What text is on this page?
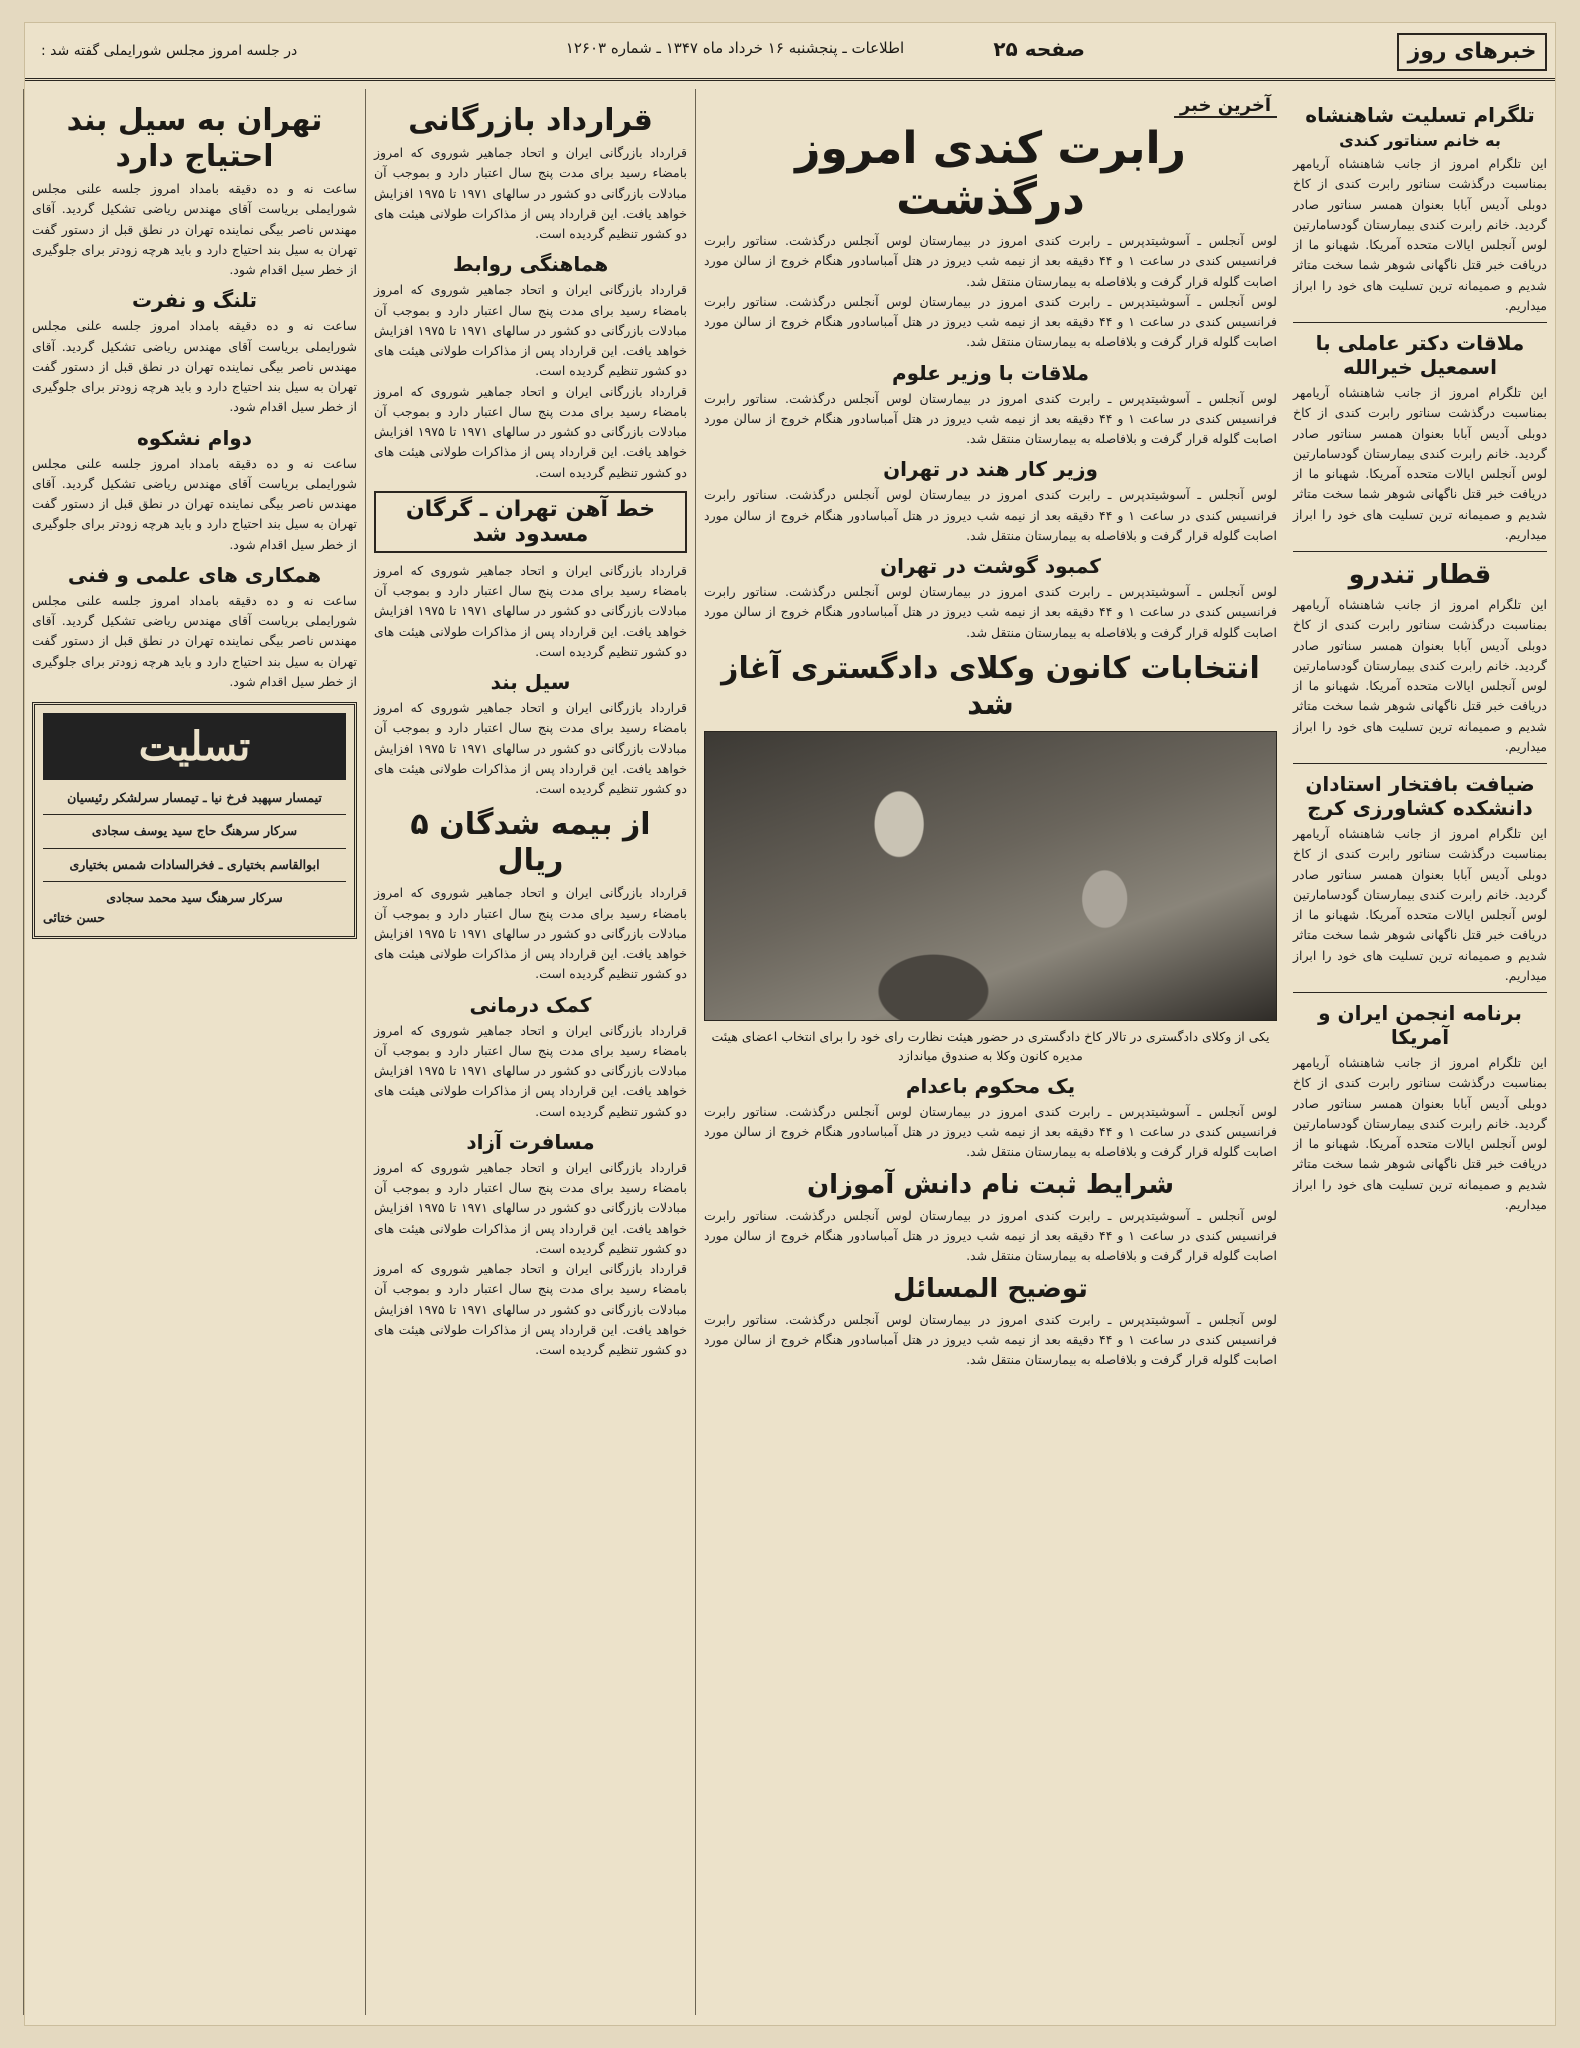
خبرهای روز
صفحه ۲۵
اطلاعات ـ پنجشنبه ۱۶ خرداد ماه ۱۳۴۷ ـ شماره ۱۲۶۰۳
در جلسه امروز مجلس شورایملی گفته شد :
تلگرام تسلیت شاهنشاه
به خانم سناتور کندی

این تلگرام امروز از جانب شاهنشاه آریامهر بمناسبت درگذشت سناتور رابرت کندی از کاخ دوبلی آدیس آبابا بعنوان همسر سناتور صادر گردید. خانم رابرت کندی بیمارستان گودسامارتین لوس آنجلس ایالات متحده آمریکا. شهبانو ما از دریافت خبر قتل ناگهانی شوهر شما سخت متاثر شدیم و صمیمانه ترین تسلیت های خود را ابراز میداریم.

ملاقات دکتر عاملی با اسمعیل خیرالله

این تلگرام امروز از جانب شاهنشاه آریامهر بمناسبت درگذشت سناتور رابرت کندی از کاخ دوبلی آدیس آبابا بعنوان همسر سناتور صادر گردید. خانم رابرت کندی بیمارستان گودسامارتین لوس آنجلس ایالات متحده آمریکا. شهبانو ما از دریافت خبر قتل ناگهانی شوهر شما سخت متاثر شدیم و صمیمانه ترین تسلیت های خود را ابراز میداریم.

قطار تندرو

این تلگرام امروز از جانب شاهنشاه آریامهر بمناسبت درگذشت سناتور رابرت کندی از کاخ دوبلی آدیس آبابا بعنوان همسر سناتور صادر گردید. خانم رابرت کندی بیمارستان گودسامارتین لوس آنجلس ایالات متحده آمریکا. شهبانو ما از دریافت خبر قتل ناگهانی شوهر شما سخت متاثر شدیم و صمیمانه ترین تسلیت های خود را ابراز میداریم.

ضیافت بافتخار استادان دانشکده کشاورزی کرج

این تلگرام امروز از جانب شاهنشاه آریامهر بمناسبت درگذشت سناتور رابرت کندی از کاخ دوبلی آدیس آبابا بعنوان همسر سناتور صادر گردید. خانم رابرت کندی بیمارستان گودسامارتین لوس آنجلس ایالات متحده آمریکا. شهبانو ما از دریافت خبر قتل ناگهانی شوهر شما سخت متاثر شدیم و صمیمانه ترین تسلیت های خود را ابراز میداریم.

برنامه انجمن ایران و آمریکا

این تلگرام امروز از جانب شاهنشاه آریامهر بمناسبت درگذشت سناتور رابرت کندی از کاخ دوبلی آدیس آبابا بعنوان همسر سناتور صادر گردید. خانم رابرت کندی بیمارستان گودسامارتین لوس آنجلس ایالات متحده آمریکا. شهبانو ما از دریافت خبر قتل ناگهانی شوهر شما سخت متاثر شدیم و صمیمانه ترین تسلیت های خود را ابراز میداریم.

آخرین خبر
رابرت کندی امروز درگذشت

لوس آنجلس ـ آسوشیتدپرس ـ رابرت کندی امروز در بیمارستان لوس آنجلس درگذشت. سناتور رابرت فرانسیس کندی در ساعت ۱ و ۴۴ دقیقه بعد از نیمه شب دیروز در هتل آمباسادور هنگام خروج از سالن مورد اصابت گلوله قرار گرفت و بلافاصله به بیمارستان منتقل شد.

لوس آنجلس ـ آسوشیتدپرس ـ رابرت کندی امروز در بیمارستان لوس آنجلس درگذشت. سناتور رابرت فرانسیس کندی در ساعت ۱ و ۴۴ دقیقه بعد از نیمه شب دیروز در هتل آمباسادور هنگام خروج از سالن مورد اصابت گلوله قرار گرفت و بلافاصله به بیمارستان منتقل شد.

ملاقات با وزیر علوم

لوس آنجلس ـ آسوشیتدپرس ـ رابرت کندی امروز در بیمارستان لوس آنجلس درگذشت. سناتور رابرت فرانسیس کندی در ساعت ۱ و ۴۴ دقیقه بعد از نیمه شب دیروز در هتل آمباسادور هنگام خروج از سالن مورد اصابت گلوله قرار گرفت و بلافاصله به بیمارستان منتقل شد.

وزیر کار هند در تهران

لوس آنجلس ـ آسوشیتدپرس ـ رابرت کندی امروز در بیمارستان لوس آنجلس درگذشت. سناتور رابرت فرانسیس کندی در ساعت ۱ و ۴۴ دقیقه بعد از نیمه شب دیروز در هتل آمباسادور هنگام خروج از سالن مورد اصابت گلوله قرار گرفت و بلافاصله به بیمارستان منتقل شد.

کمبود گوشت در تهران

لوس آنجلس ـ آسوشیتدپرس ـ رابرت کندی امروز در بیمارستان لوس آنجلس درگذشت. سناتور رابرت فرانسیس کندی در ساعت ۱ و ۴۴ دقیقه بعد از نیمه شب دیروز در هتل آمباسادور هنگام خروج از سالن مورد اصابت گلوله قرار گرفت و بلافاصله به بیمارستان منتقل شد.

انتخابات کانون وکلای دادگستری آغاز شد

یکی از وکلای دادگستری در تالار کاخ دادگستری در حضور هیئت نظارت رای خود را برای انتخاب اعضای هیئت مدیره کانون وکلا به صندوق میاندازد

یک محکوم باعدام

لوس آنجلس ـ آسوشیتدپرس ـ رابرت کندی امروز در بیمارستان لوس آنجلس درگذشت. سناتور رابرت فرانسیس کندی در ساعت ۱ و ۴۴ دقیقه بعد از نیمه شب دیروز در هتل آمباسادور هنگام خروج از سالن مورد اصابت گلوله قرار گرفت و بلافاصله به بیمارستان منتقل شد.

شرایط ثبت نام دانش آموزان

لوس آنجلس ـ آسوشیتدپرس ـ رابرت کندی امروز در بیمارستان لوس آنجلس درگذشت. سناتور رابرت فرانسیس کندی در ساعت ۱ و ۴۴ دقیقه بعد از نیمه شب دیروز در هتل آمباسادور هنگام خروج از سالن مورد اصابت گلوله قرار گرفت و بلافاصله به بیمارستان منتقل شد.

توضیح المسائل

لوس آنجلس ـ آسوشیتدپرس ـ رابرت کندی امروز در بیمارستان لوس آنجلس درگذشت. سناتور رابرت فرانسیس کندی در ساعت ۱ و ۴۴ دقیقه بعد از نیمه شب دیروز در هتل آمباسادور هنگام خروج از سالن مورد اصابت گلوله قرار گرفت و بلافاصله به بیمارستان منتقل شد.

قرارداد بازرگانی

قرارداد بازرگانی ایران و اتحاد جماهیر شوروی که امروز بامضاء رسید برای مدت پنج سال اعتبار دارد و بموجب آن مبادلات بازرگانی دو کشور در سالهای ۱۹۷۱ تا ۱۹۷۵ افزایش خواهد یافت. این قرارداد پس از مذاکرات طولانی هیئت های دو کشور تنظیم گردیده است.

هماهنگی روابط

قرارداد بازرگانی ایران و اتحاد جماهیر شوروی که امروز بامضاء رسید برای مدت پنج سال اعتبار دارد و بموجب آن مبادلات بازرگانی دو کشور در سالهای ۱۹۷۱ تا ۱۹۷۵ افزایش خواهد یافت. این قرارداد پس از مذاکرات طولانی هیئت های دو کشور تنظیم گردیده است.

قرارداد بازرگانی ایران و اتحاد جماهیر شوروی که امروز بامضاء رسید برای مدت پنج سال اعتبار دارد و بموجب آن مبادلات بازرگانی دو کشور در سالهای ۱۹۷۱ تا ۱۹۷۵ افزایش خواهد یافت. این قرارداد پس از مذاکرات طولانی هیئت های دو کشور تنظیم گردیده است.

خط آهن تهران ـ گرگان مسدود شد

قرارداد بازرگانی ایران و اتحاد جماهیر شوروی که امروز بامضاء رسید برای مدت پنج سال اعتبار دارد و بموجب آن مبادلات بازرگانی دو کشور در سالهای ۱۹۷۱ تا ۱۹۷۵ افزایش خواهد یافت. این قرارداد پس از مذاکرات طولانی هیئت های دو کشور تنظیم گردیده است.

سیل بند

قرارداد بازرگانی ایران و اتحاد جماهیر شوروی که امروز بامضاء رسید برای مدت پنج سال اعتبار دارد و بموجب آن مبادلات بازرگانی دو کشور در سالهای ۱۹۷۱ تا ۱۹۷۵ افزایش خواهد یافت. این قرارداد پس از مذاکرات طولانی هیئت های دو کشور تنظیم گردیده است.

از بیمه شدگان ۵ ریال

قرارداد بازرگانی ایران و اتحاد جماهیر شوروی که امروز بامضاء رسید برای مدت پنج سال اعتبار دارد و بموجب آن مبادلات بازرگانی دو کشور در سالهای ۱۹۷۱ تا ۱۹۷۵ افزایش خواهد یافت. این قرارداد پس از مذاکرات طولانی هیئت های دو کشور تنظیم گردیده است.

کمک درمانی

قرارداد بازرگانی ایران و اتحاد جماهیر شوروی که امروز بامضاء رسید برای مدت پنج سال اعتبار دارد و بموجب آن مبادلات بازرگانی دو کشور در سالهای ۱۹۷۱ تا ۱۹۷۵ افزایش خواهد یافت. این قرارداد پس از مذاکرات طولانی هیئت های دو کشور تنظیم گردیده است.

مسافرت آزاد

قرارداد بازرگانی ایران و اتحاد جماهیر شوروی که امروز بامضاء رسید برای مدت پنج سال اعتبار دارد و بموجب آن مبادلات بازرگانی دو کشور در سالهای ۱۹۷۱ تا ۱۹۷۵ افزایش خواهد یافت. این قرارداد پس از مذاکرات طولانی هیئت های دو کشور تنظیم گردیده است.

قرارداد بازرگانی ایران و اتحاد جماهیر شوروی که امروز بامضاء رسید برای مدت پنج سال اعتبار دارد و بموجب آن مبادلات بازرگانی دو کشور در سالهای ۱۹۷۱ تا ۱۹۷۵ افزایش خواهد یافت. این قرارداد پس از مذاکرات طولانی هیئت های دو کشور تنظیم گردیده است.

تهران به سیل بند احتیاج دارد

ساعت نه و ده دقیقه بامداد امروز جلسه علنی مجلس شورایملی بریاست آقای مهندس ریاضی تشکیل گردید. آقای مهندس ناصر بیگی نماینده تهران در نطق قبل از دستور گفت تهران به سیل بند احتیاج دارد و باید هرچه زودتر برای جلوگیری از خطر سیل اقدام شود.

تلنگ و نفرت

ساعت نه و ده دقیقه بامداد امروز جلسه علنی مجلس شورایملی بریاست آقای مهندس ریاضی تشکیل گردید. آقای مهندس ناصر بیگی نماینده تهران در نطق قبل از دستور گفت تهران به سیل بند احتیاج دارد و باید هرچه زودتر برای جلوگیری از خطر سیل اقدام شود.

دوام نشکوه

ساعت نه و ده دقیقه بامداد امروز جلسه علنی مجلس شورایملی بریاست آقای مهندس ریاضی تشکیل گردید. آقای مهندس ناصر بیگی نماینده تهران در نطق قبل از دستور گفت تهران به سیل بند احتیاج دارد و باید هرچه زودتر برای جلوگیری از خطر سیل اقدام شود.

همکاری های علمی و فنی

ساعت نه و ده دقیقه بامداد امروز جلسه علنی مجلس شورایملی بریاست آقای مهندس ریاضی تشکیل گردید. آقای مهندس ناصر بیگی نماینده تهران در نطق قبل از دستور گفت تهران به سیل بند احتیاج دارد و باید هرچه زودتر برای جلوگیری از خطر سیل اقدام شود.

تسلیت

تیمسار سپهبد فرخ نیا ـ تیمسار سرلشکر رئیسیان

سرکار سرهنگ حاج سید یوسف سجادی

ابوالقاسم بختیاری ـ فخرالسادات شمس بختیاری

سرکار سرهنگ سید محمد سجادی

حسن ختائی
